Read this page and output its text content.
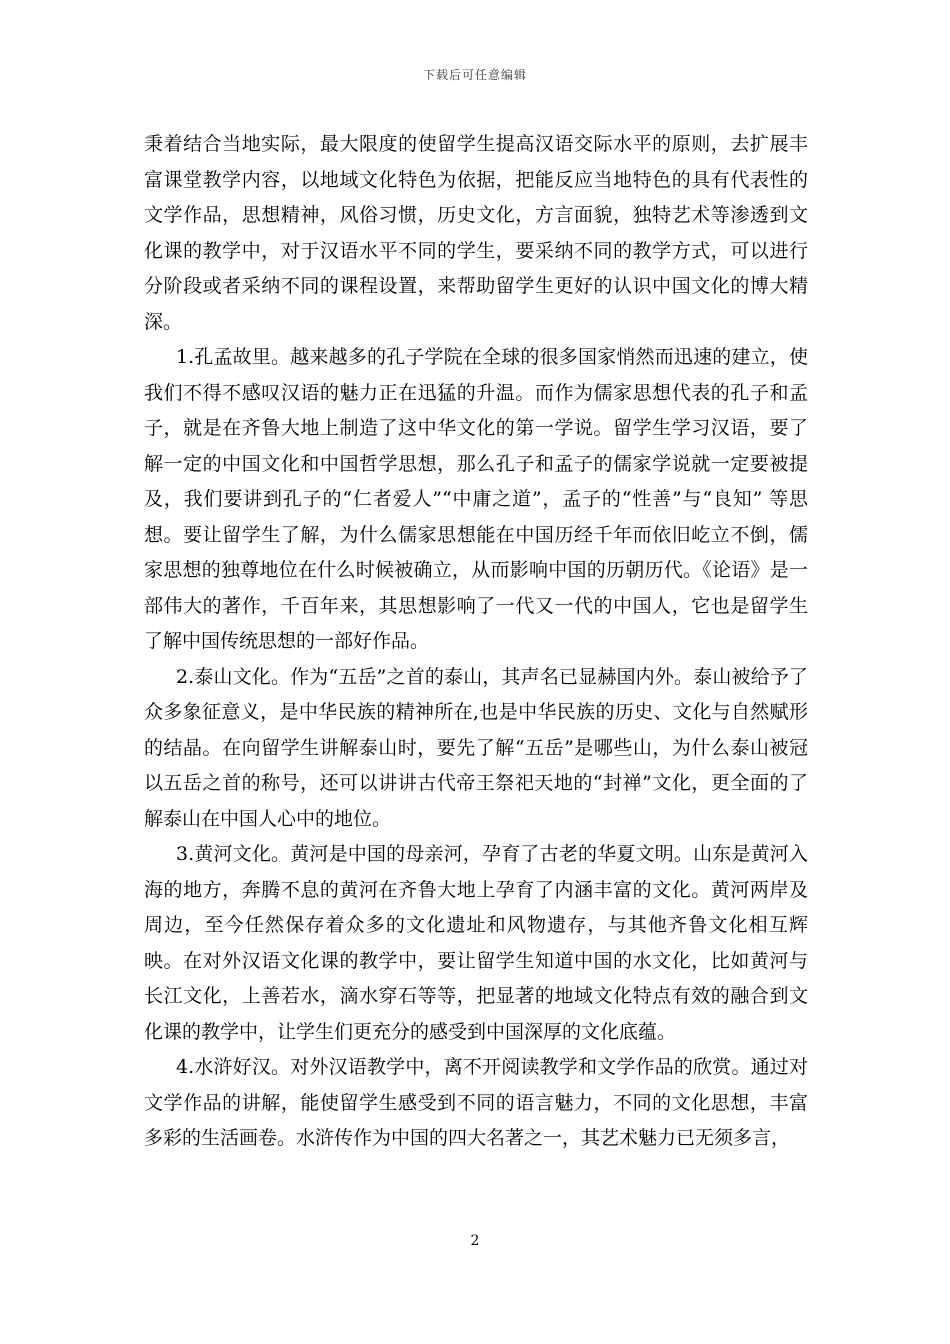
下载后可任意编辑

秉着结合当地实际，最大限度的使留学生提高汉语交际水平的原则，去扩展丰富课堂教学内容，以地域文化特色为依据，把能反应当地特色的具有代表性的文学作品，思想精神，风俗习惯，历史文化，方言面貌，独特艺术等渗透到文化课的教学中，对于汉语水平不同的学生，要采纳不同的教学方式，可以进行分阶段或者采纳不同的课程设置，来帮助留学生更好的认识中国文化的博大精深。

1.孔孟故里。越来越多的孔子学院在全球的很多国家悄然而迅速的建立，使我们不得不感叹汉语的魅力正在迅猛的升温。而作为儒家思想代表的孔子和孟子，就是在齐鲁大地上制造了这中华文化的第一学说。留学生学习汉语，要了解一定的中国文化和中国哲学思想，那么孔子和孟子的儒家学说就一定要被提及，我们要讲到孔子的“仁者爱人”“中庸之道”，孟子的“性善”与“良知” 等思想。要让留学生了解，为什么儒家思想能在中国历经千年而依旧屹立不倒，儒家思想的独尊地位在什么时候被确立，从而影响中国的历朝历代。《论语》是一部伟大的著作，千百年来，其思想影响了一代又一代的中国人，它也是留学生了解中国传统思想的一部好作品。

2.泰山文化。作为“五岳”之首的泰山，其声名已显赫国内外。泰山被给予了众多象征意义，是中华民族的精神所在,也是中华民族的历史、文化与自然赋形的结晶。在向留学生讲解泰山时，要先了解“五岳”是哪些山，为什么泰山被冠以五岳之首的称号，还可以讲讲古代帝王祭祀天地的“封禅”文化，更全面的了解泰山在中国人心中的地位。

3.黄河文化。黄河是中国的母亲河，孕育了古老的华夏文明。山东是黄河入海的地方，奔腾不息的黄河在齐鲁大地上孕育了内涵丰富的文化。黄河两岸及周边，至今任然保存着众多的文化遗址和风物遗存，与其他齐鲁文化相互辉映。在对外汉语文化课的教学中，要让留学生知道中国的水文化，比如黄河与长江文化，上善若水，滴水穿石等等，把显著的地域文化特点有效的融合到文化课的教学中，让学生们更充分的感受到中国深厚的文化底蕴。

4.水浒好汉。对外汉语教学中，离不开阅读教学和文学作品的欣赏。通过对文学作品的讲解，能使留学生感受到不同的语言魅力，不同的文化思想，丰富多彩的生活画卷。水浒传作为中国的四大名著之一，其艺术魅力已无须多言，

2
